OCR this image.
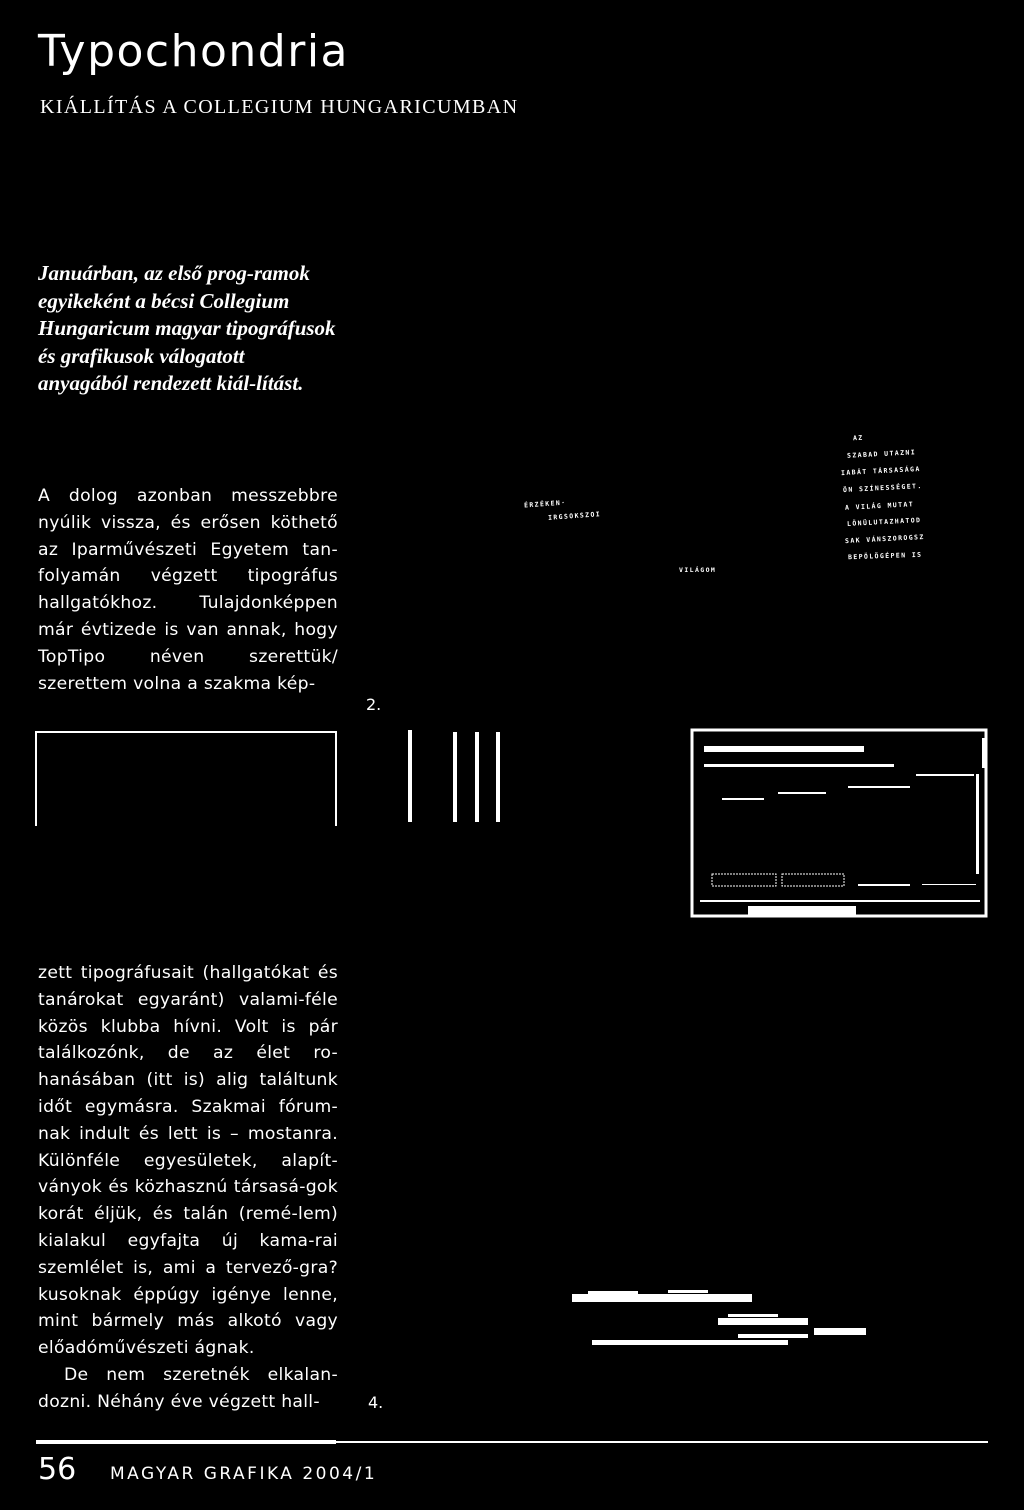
Typochondria
KIÁLLÍTÁS A COLLEGIUM HUNGARICUMBAN

Januárban, az első prog-ramok egyikeként a bécsi Collegium Hungaricum magyar tipográfusok és grafikusok válogatott anyagából rendezett kiál-lítást.

A dolog azonban messzebbre nyúlik vissza, és erősen köthető az Iparművészeti Egyetem tan-folyamán végzett tipográfus hallgatókhoz. Tulajdonképpen már évtizede is van annak, hogy TopTipo néven szerettük/ szerettem volna a szakma kép-

zett tipográfusait (hallgatókat és tanárokat egyaránt) valami-féle közös klubba hívni. Volt is pár találkozónk, de az élet ro-hanásában (itt is) alig találtunk időt egymásra. Szakmai fórum-nak indult és lett is – mostanra. Különféle egyesületek, alapít-ványok és közhasznú társasá-gok korát éljük, és talán (remé-lem) kialakul egyfajta új kama-rai szemlélet is, ami a tervező-gra?kusoknak éppúgy igénye lenne, mint bármely más alkotó vagy előadóművészeti ágnak.

De nem szeretnék elkalan-dozni. Néhány éve végzett hall-

ÉRZÉKEN·
IRGSOKSZOI
VILÁGOM
AZ
SZABAD UTAZNI
IABÁT TÁRSASÁGA
ÖN SZÍNESSÉGET.
A VILÁG MUTAT
LÖNÜLUTAZHATOD
SAK VÁNSZOROGSZ
BEPÖLÖGÉPEN IS
2.
4.
56 MAGYAR GRAFIKA 2004/1
